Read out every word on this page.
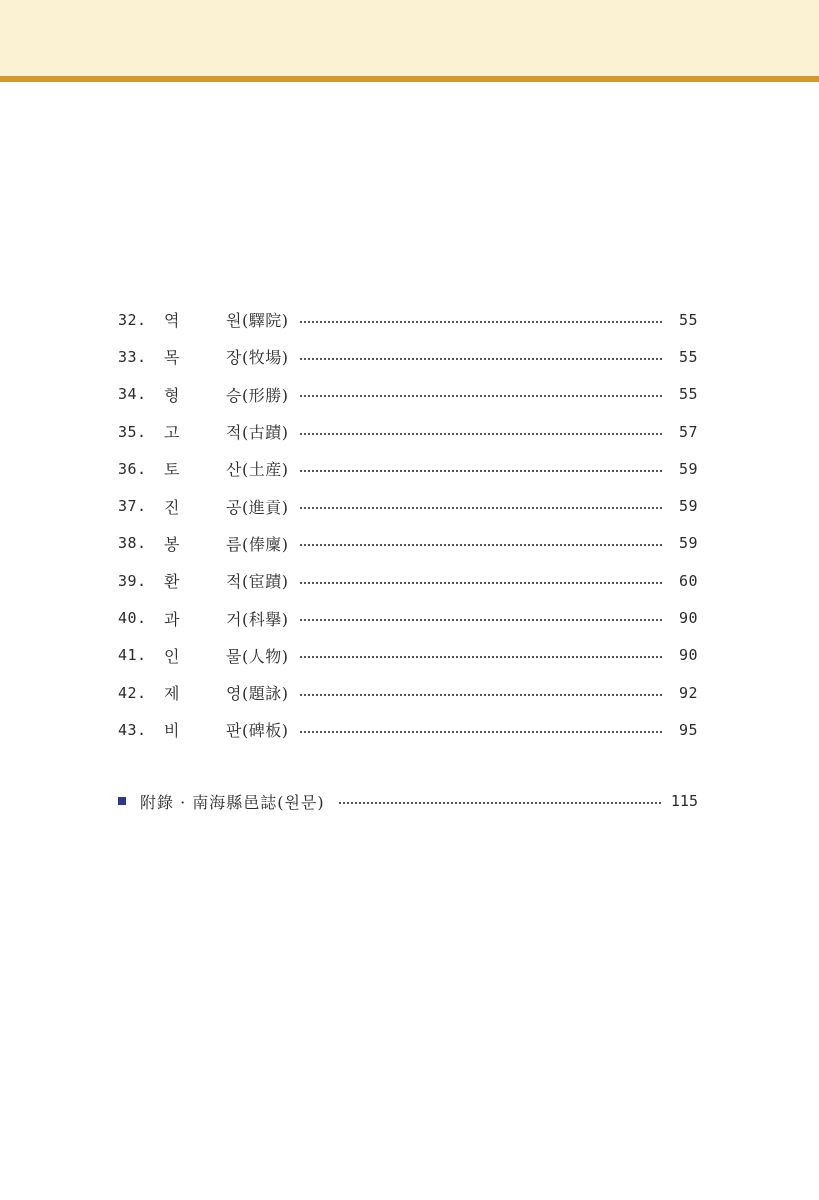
32.	역	원(驛院)	55
33.	목	장(牧場)	55
34.	형	승(形勝)	55
35.	고	적(古蹟)	57
36.	토	산(土産)	59
37.	진	공(進貢)	59
38.	봉	름(俸廩)	59
39.	환	적(宦蹟)	60
40.	과	거(科擧)	90
41.	인	물(人物)	90
42.	제	영(題詠)	92
43.	비	판(碑板)	95
附錄 · 南海縣邑誌(원문)	115
